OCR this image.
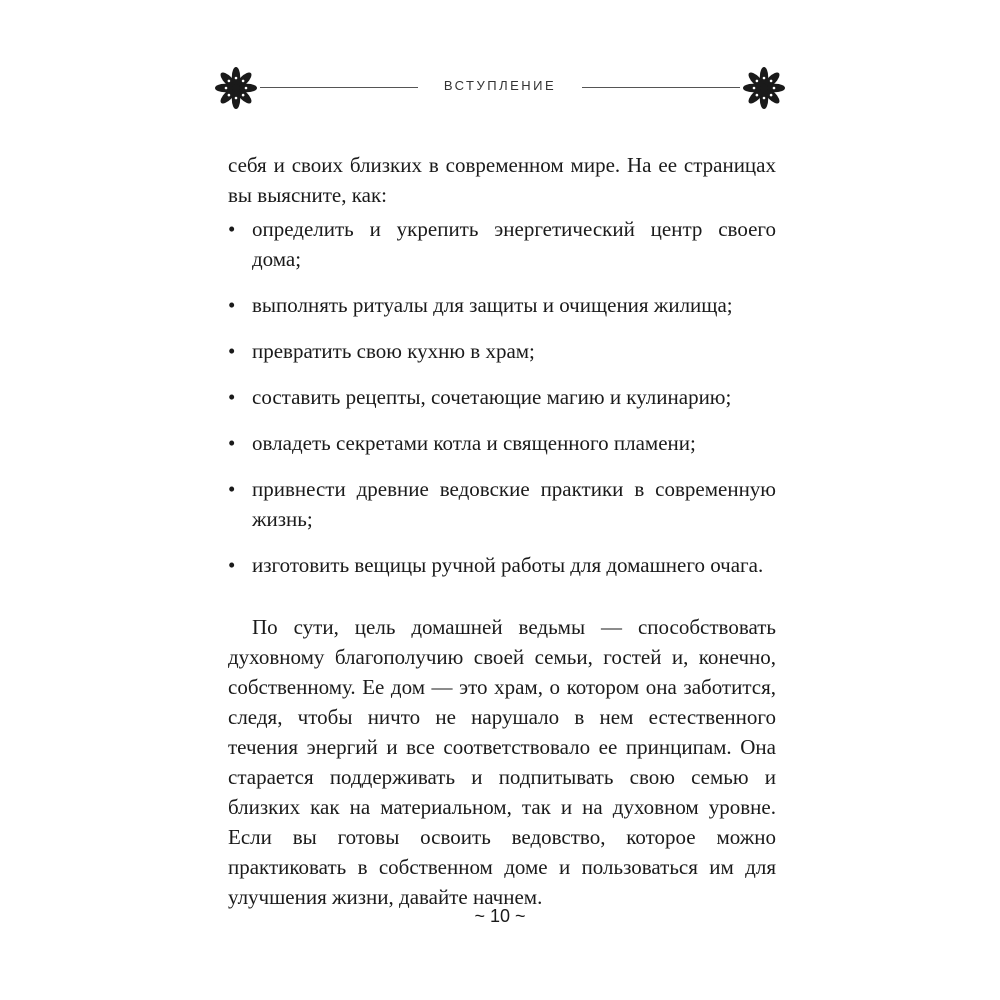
ВСТУПЛЕНИЕ

себя и своих близких в современном мире. На ее страницах вы выясните, как:

• определить и укрепить энергетический центр своего дома;
• выполнять ритуалы для защиты и очищения жилища;
• превратить свою кухню в храм;
• составить рецепты, сочетающие магию и кулинарию;
• овладеть секретами котла и священного пламени;
• привнести древние ведовские практики в современную жизнь;
• изготовить вещицы ручной работы для домашнего очага.

По сути, цель домашней ведьмы — способствовать духовному благополучию своей семьи, гостей и, конечно, собственному. Ее дом — это храм, о котором она заботится, следя, чтобы ничто не нарушало в нем естественного течения энергий и все соответствовало ее принципам. Она старается поддерживать и подпитывать свою семью и близких как на материальном, так и на духовном уровне. Если вы готовы освоить ведовство, которое можно практиковать в собственном доме и пользоваться им для улучшения жизни, давайте начнем.

~ 10 ~
